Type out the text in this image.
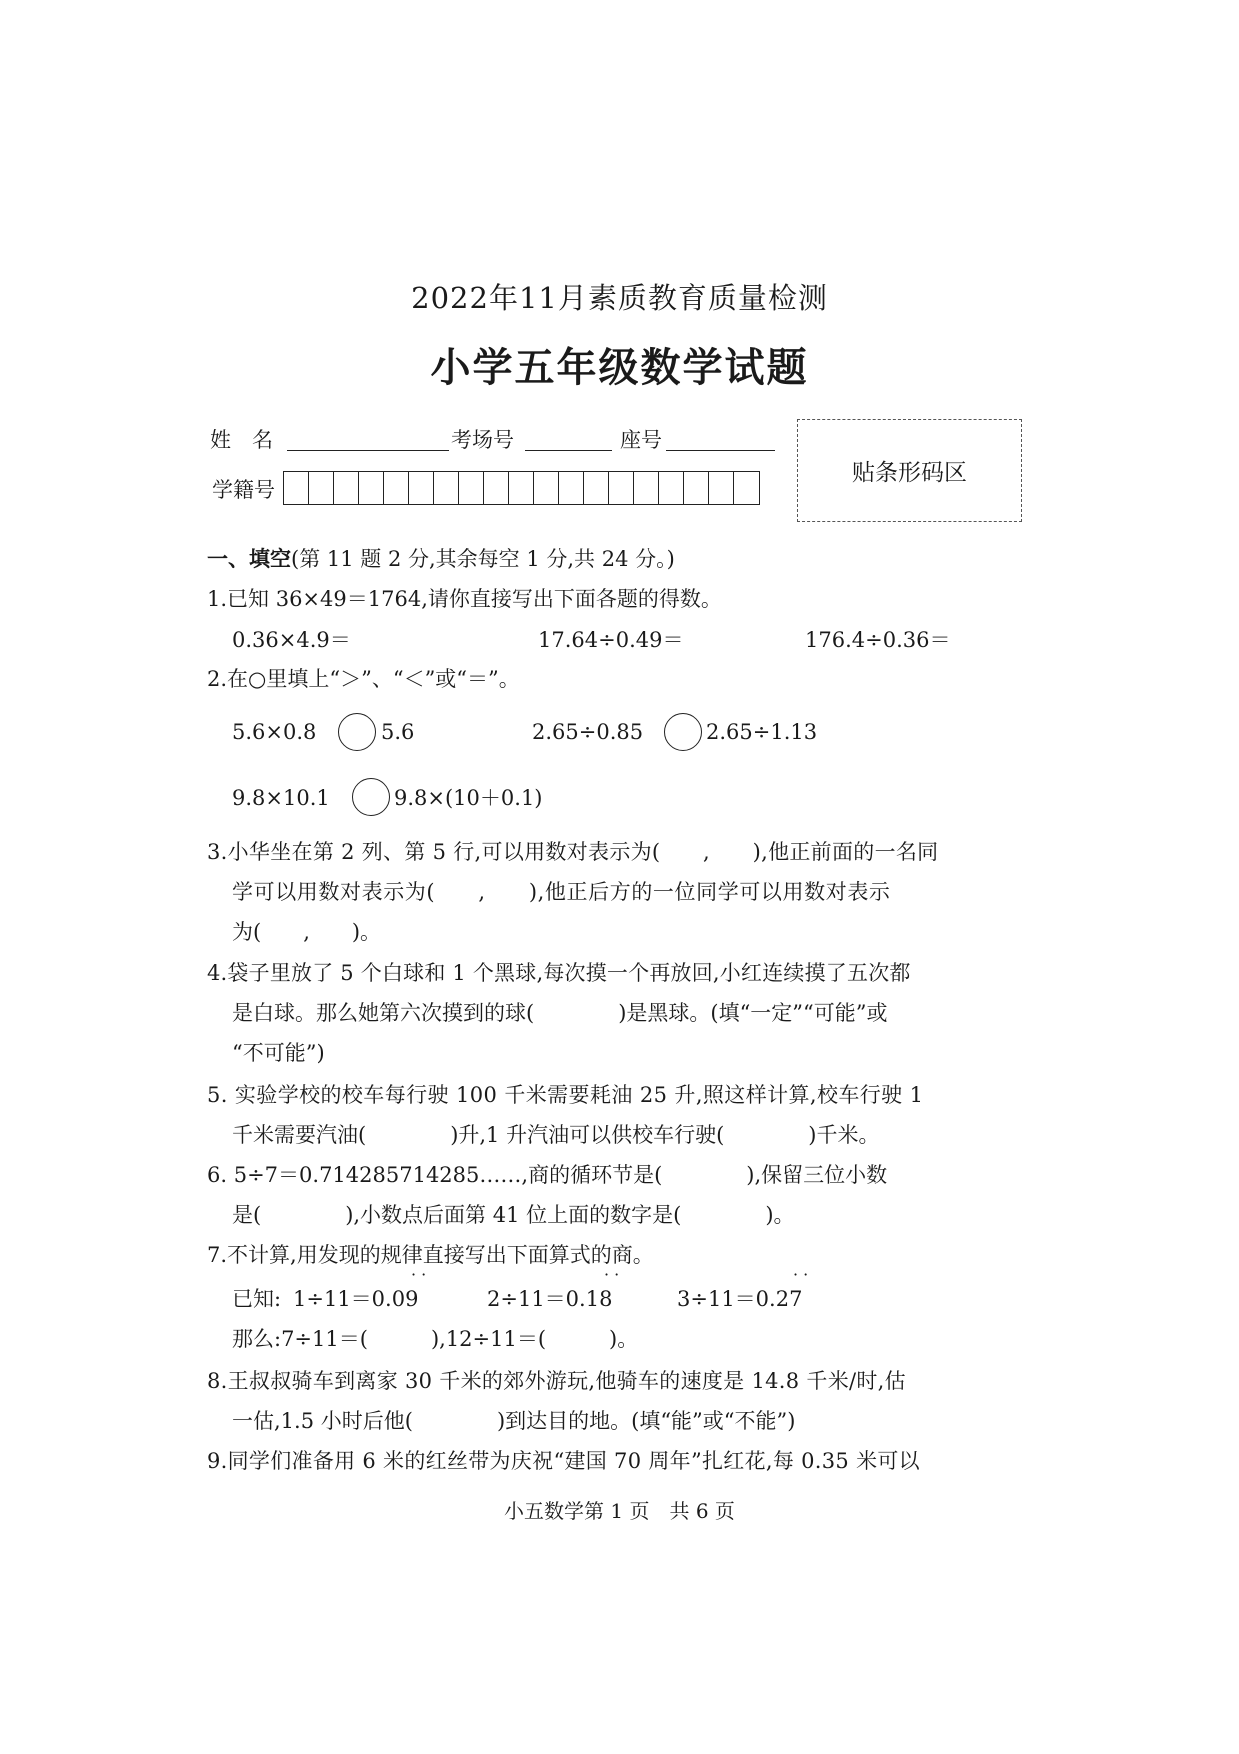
2022年11月素质教育质量检测
小学五年级数学试题
姓　名	考场号	座号
学籍号
贴条形码区
一、填空(第 11 题 2 分,其余每空 1 分,共 24 分。)
1.已知 36×49＝1764,请你直接写出下面各题的得数。
0.36×4.9＝	17.64÷0.49＝	176.4÷0.36＝
2.在○里填上“＞”、“＜”或“＝”。
5.6×0.8	5.6	2.65÷0.85	2.65÷1.13
9.8×10.1	9.8×(10＋0.1)
3.小华坐在第 2 列、第 5 行,可以用数对表示为(　　,　　),他正前面的一名同
学可以用数对表示为(　　,　　),他正后方的一位同学可以用数对表示
为(　　,　　)。
4.袋子里放了 5 个白球和 1 个黑球,每次摸一个再放回,小红连续摸了五次都
是白球。那么她第六次摸到的球(　　　　)是黑球。(填“一定”“可能”或
“不可能”)
5. 实验学校的校车每行驶 100 千米需要耗油 25 升,照这样计算,校车行驶 1
千米需要汽油(　　　　)升,1 升汽油可以供校车行驶(　　　　)千米。
6. 5÷7＝0.714285714285……,商的循环节是(　　　　),保留三位小数
是(　　　　),小数点后面第 41 位上面的数字是(　　　　)。
7.不计算,用发现的规律直接写出下面算式的商。
已知: 1÷11＝0.09
· ·
2÷11＝0.18
· ·
3÷11＝0.27
· ·
那么:7÷11＝(　　　),12÷11＝(　　　)。
8.王叔叔骑车到离家 30 千米的郊外游玩,他骑车的速度是 14.8 千米/时,估
一估,1.5 小时后他(　　　　)到达目的地。(填“能”或“不能”)
9.同学们准备用 6 米的红丝带为庆祝“建国 70 周年”扎红花,每 0.35 米可以
小五数学第 1 页　共 6 页
